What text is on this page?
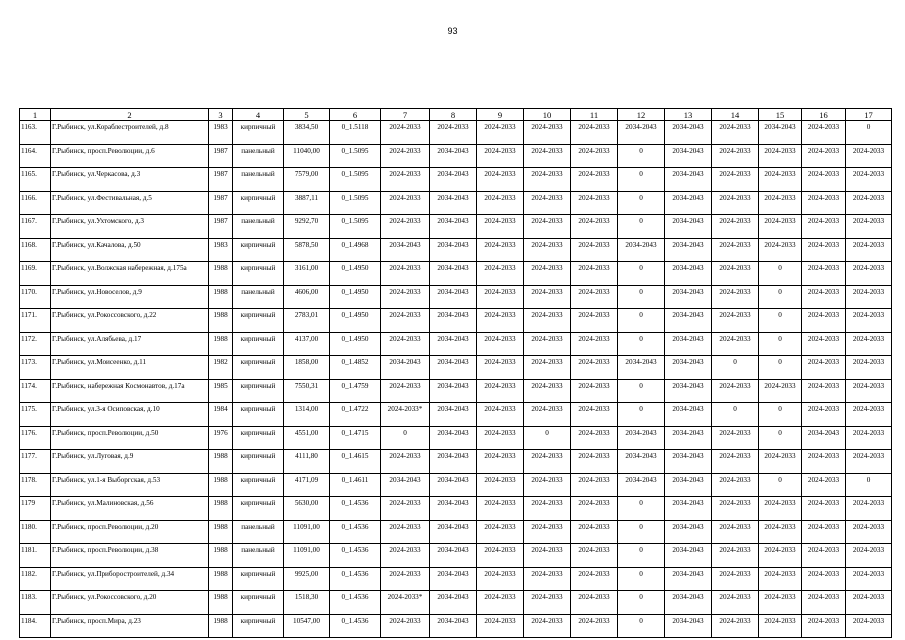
93
1	2	3	4	5	6	7	8	9	10	11	12	13	14	15	16	17
1163.	Г.Рыбинск, ул.Кораблестроителей, д.8	1983	кирпичный	3834,50	0_1.5118	2024-2033	2024-2033	2024-2033	2024-2033	2024-2033	2034-2043	2034-2043	2024-2033	2034-2043	2024-2033	0
1164.	Г.Рыбинск, просп.Революции, д.6	1987	панельный	11040,00	0_1.5095	2024-2033	2034-2043	2024-2033	2024-2033	2024-2033	0	2034-2043	2024-2033	2024-2033	2024-2033	2024-2033
1165.	Г.Рыбинск, ул.Черкасова, д.3	1987	панельный	7579,00	0_1.5095	2024-2033	2034-2043	2024-2033	2024-2033	2024-2033	0	2034-2043	2024-2033	2024-2033	2024-2033	2024-2033
1166.	Г.Рыбинск, ул.Фестивальная, д.5	1987	кирпичный	3887,11	0_1.5095	2024-2033	2034-2043	2024-2033	2024-2033	2024-2033	0	2034-2043	2024-2033	2024-2033	2024-2033	2024-2033
1167.	Г.Рыбинск, ул.Ухтомского, д.3	1987	панельный	9292,70	0_1.5095	2024-2033	2034-2043	2024-2033	2024-2033	2024-2033	0	2034-2043	2024-2033	2024-2033	2024-2033	2024-2033
1168.	Г.Рыбинск, ул.Качалова, д.50	1983	кирпичный	5878,50	0_1.4968	2034-2043	2034-2043	2024-2033	2024-2033	2024-2033	2034-2043	2034-2043	2024-2033	2024-2033	2024-2033	2024-2033
1169.	Г.Рыбинск, ул.Волжская набережная, д.175а	1988	кирпичный	3161,00	0_1.4950	2024-2033	2034-2043	2024-2033	2024-2033	2024-2033	0	2034-2043	2024-2033	0	2024-2033	2024-2033
1170.	Г.Рыбинск, ул.Новоселов, д.9	1988	панельный	4606,00	0_1.4950	2024-2033	2034-2043	2024-2033	2024-2033	2024-2033	0	2034-2043	2024-2033	0	2024-2033	2024-2033
1171.	Г.Рыбинск, ул.Рокоссовского, д.22	1988	кирпичный	2783,01	0_1.4950	2024-2033	2034-2043	2024-2033	2024-2033	2024-2033	0	2034-2043	2024-2033	0	2024-2033	2024-2033
1172.	Г.Рыбинск, ул.Алябьева, д.17	1988	кирпичный	4137,00	0_1.4950	2024-2033	2034-2043	2024-2033	2024-2033	2024-2033	0	2034-2043	2024-2033	0	2024-2033	2024-2033
1173.	Г.Рыбинск, ул.Моисеенко, д.11	1982	кирпичный	1858,00	0_1.4852	2034-2043	2034-2043	2024-2033	2024-2033	2024-2033	2034-2043	2034-2043	0	0	2024-2033	2024-2033
1174.	Г.Рыбинск, набережная Космонавтов, д.17а	1985	кирпичный	7550,31	0_1.4759	2024-2033	2034-2043	2024-2033	2024-2033	2024-2033	0	2034-2043	2024-2033	2024-2033	2024-2033	2024-2033
1175.	Г.Рыбинск, ул.3-я Осиповская, д.10	1984	кирпичный	1314,00	0_1.4722	2024-2033*	2034-2043	2024-2033	2024-2033	2024-2033	0	2034-2043	0	0	2024-2033	2024-2033
1176.	Г.Рыбинск, просп.Революции, д.50	1976	кирпичный	4551,00	0_1.4715	0	2034-2043	2024-2033	0	2024-2033	2034-2043	2034-2043	2024-2033	0	2034-2043	2024-2033
1177.	Г.Рыбинск, ул.Луговая, д.9	1988	кирпичный	4111,80	0_1.4615	2024-2033	2034-2043	2024-2033	2024-2033	2024-2033	2034-2043	2034-2043	2024-2033	2024-2033	2024-2033	2024-2033
1178.	Г.Рыбинск, ул.1-я Выборгская, д.53	1988	кирпичный	4171,09	0_1.4611	2034-2043	2034-2043	2024-2033	2024-2033	2024-2033	2034-2043	2034-2043	2024-2033	0	2024-2033	0
1179	Г.Рыбинск, ул.Малиновская, д.56	1988	кирпичный	5630,00	0_1.4536	2024-2033	2034-2043	2024-2033	2024-2033	2024-2033	0	2034-2043	2024-2033	2024-2033	2024-2033	2024-2033
1180.	Г.Рыбинск, просп.Революции, д.20	1988	панельный	11091,00	0_1.4536	2024-2033	2034-2043	2024-2033	2024-2033	2024-2033	0	2034-2043	2024-2033	2024-2033	2024-2033	2024-2033
1181.	Г.Рыбинск, просп.Революции, д.38	1988	панельный	11091,00	0_1.4536	2024-2033	2034-2043	2024-2033	2024-2033	2024-2033	0	2034-2043	2024-2033	2024-2033	2024-2033	2024-2033
1182.	Г.Рыбинск, ул.Приборостроителей, д.34	1988	кирпичный	9925,00	0_1.4536	2024-2033	2034-2043	2024-2033	2024-2033	2024-2033	0	2034-2043	2024-2033	2024-2033	2024-2033	2024-2033
1183.	Г.Рыбинск, ул.Рокоссовского, д.20	1988	кирпичный	1518,30	0_1.4536	2024-2033*	2034-2043	2024-2033	2024-2033	2024-2033	0	2034-2043	2024-2033	2024-2033	2024-2033	2024-2033
1184.	Г.Рыбинск, просп.Мира, д.23	1988	кирпичный	10547,00	0_1.4536	2024-2033	2034-2043	2024-2033	2024-2033	2024-2033	0	2034-2043	2024-2033	2024-2033	2024-2033	2024-2033
